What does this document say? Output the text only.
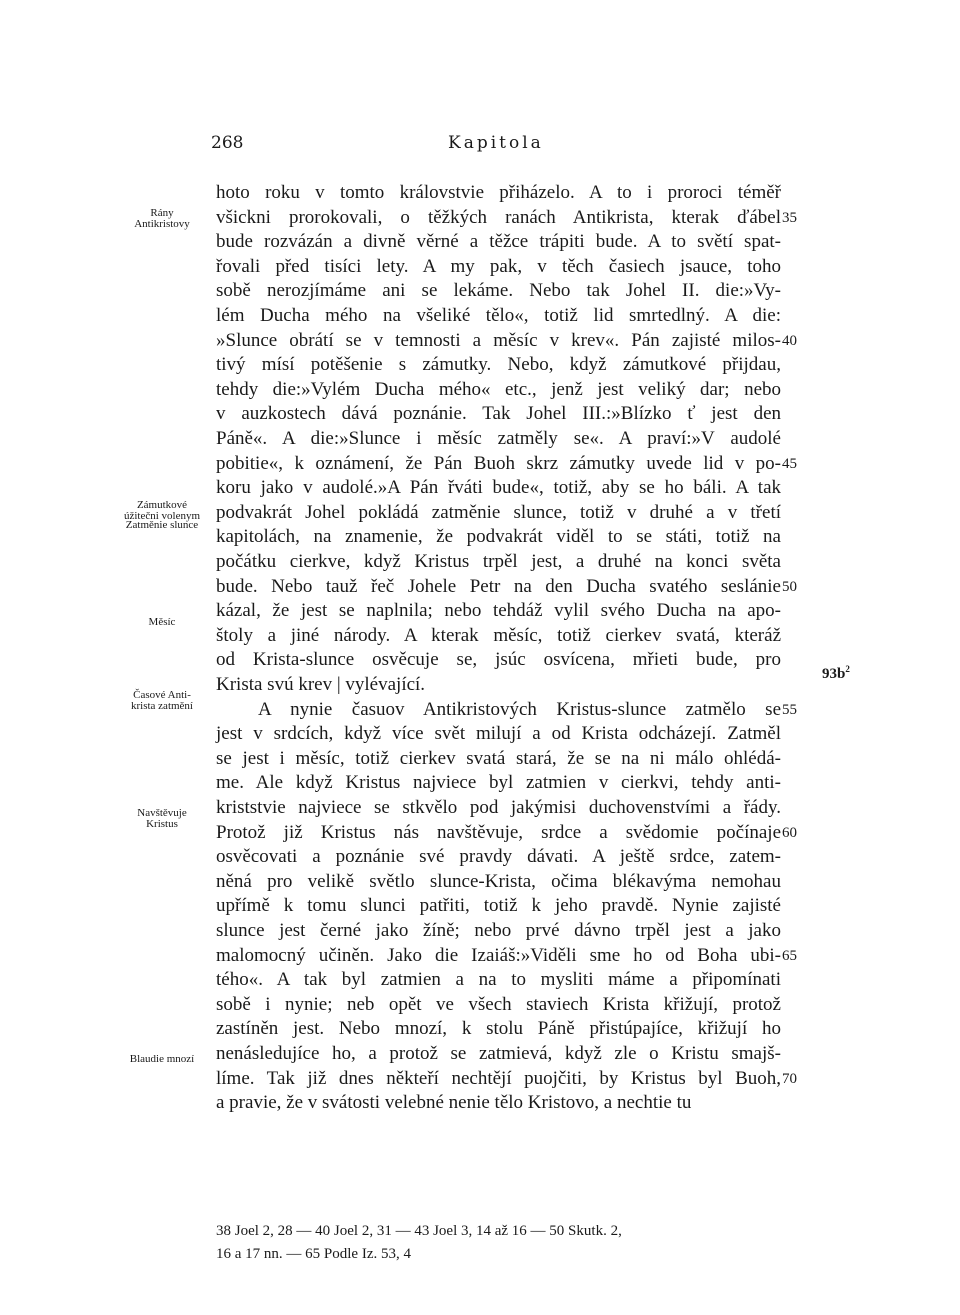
268	Kapitola
hoto roku v tomto královstvie přiházelo. A to i proroci téměř
všickni prorokovali, o těžkých ranách Antikrista, kterak ďábel
bude rozvázán a divně věrné a těžce trápiti bude. A to světí spat-
řovali před tisíci lety. A my pak, v těch časiech jsauce, toho
sobě nerozjímáme ani se lekáme. Nebo tak Johel II. die:»Vy-
lém Ducha mého na všeliké tělo«, totiž lid smrtedlný. A die:
»Slunce obrátí se v temnosti a měsíc v krev«. Pán zajisté milos-
tivý mísí potěšenie s zámutky. Nebo, když zámutkové přijdau,
tehdy die:»Vylém Ducha mého« etc., jenž jest veliký dar; nebo
v auzkostech dává poznánie. Tak Johel III.:»Blízko ť jest den
Páně«. A die:»Slunce i měsíc zatměly se«. A praví:»V audolé
pobitie«, k oznámení, že Pán Buoh skrz zámutky uvede lid v po-
koru jako v audolé.»A Pán řváti bude«, totiž, aby se ho báli. A tak
podvakrát Johel pokládá zatměnie slunce, totiž v druhé a v třetí
kapitolách, na znamenie, že podvakrát viděl to se státi, totiž na
počátku cierkve, když Kristus trpěl jest, a druhé na konci světa
bude. Nebo tauž řeč Johele Petr na den Ducha svatého seslánie
kázal, že jest se naplnila; nebo tehdáž vylil svého Ducha na apo-
štoly a jiné národy. A kterak měsíc, totiž cierkev svatá, kteráž
od Krista-slunce osvěcuje se, jsúc osvícena, mřieti bude, pro
Krista svú krev | vylévající.
A nynie časuov Antikristových Kristus-slunce zatmělo se
jest v srdcích, když více svět milují a od Krista odcházejí. Zatměl
se jest i měsíc, totiž cierkev svatá stará, že se na ni málo ohlédá-
me. Ale když Kristus najviece byl zatmien v cierkvi, tehdy anti-
kriststvie najviece se stkvělo pod jakýmisi duchovenstvími a řády.
Protož již Kristus nás navštěvuje, srdce a svědomie počínaje
osvěcovati a poznánie své pravdy dávati. A ještě srdce, zatem-
něná pro velikě světlo slunce-Krista, očima blékavýma nemohau
upřímě k tomu slunci patřiti, totiž k jeho pravdě. Nynie zajisté
slunce jest černé jako žíně; nebo prvé dávno trpěl jest a jako
malomocný učiněn. Jako die Izaiáš:»Viděli sme ho od Boha ubi-
tého«. A tak byl zatmien a na to mysliti máme a připomínati
sobě i nynie; neb opět ve všech staviech Krista křižují, protož
zastíněn jest. Nebo mnozí, k stolu Páně přistúpajíce, křižují ho
nenásledujíce ho, a protož se zatmievá, když zle o Kristu smajš-
líme. Tak již dnes někteří nechtějí puojčiti, by Kristus byl Buoh,
a pravie, že v svátosti velebné nenie tělo Kristovo, a nechtie tu
35
40
45
50
55
60
65
70
Rány
Antikristovy
Zámutkové
úžitečni volenym
Zatměnie slunce
Měsíc
Časové Anti-
krista zatmění
Navštěvuje
Kristus
Blaudie mnozí
$93b^2$
38 Joel 2, 28 — 40 Joel 2, 31 — 43 Joel 3, 14 až 16 — 50 Skutk. 2,
16 a 17 nn. — 65 Podle Iz. 53, 4
